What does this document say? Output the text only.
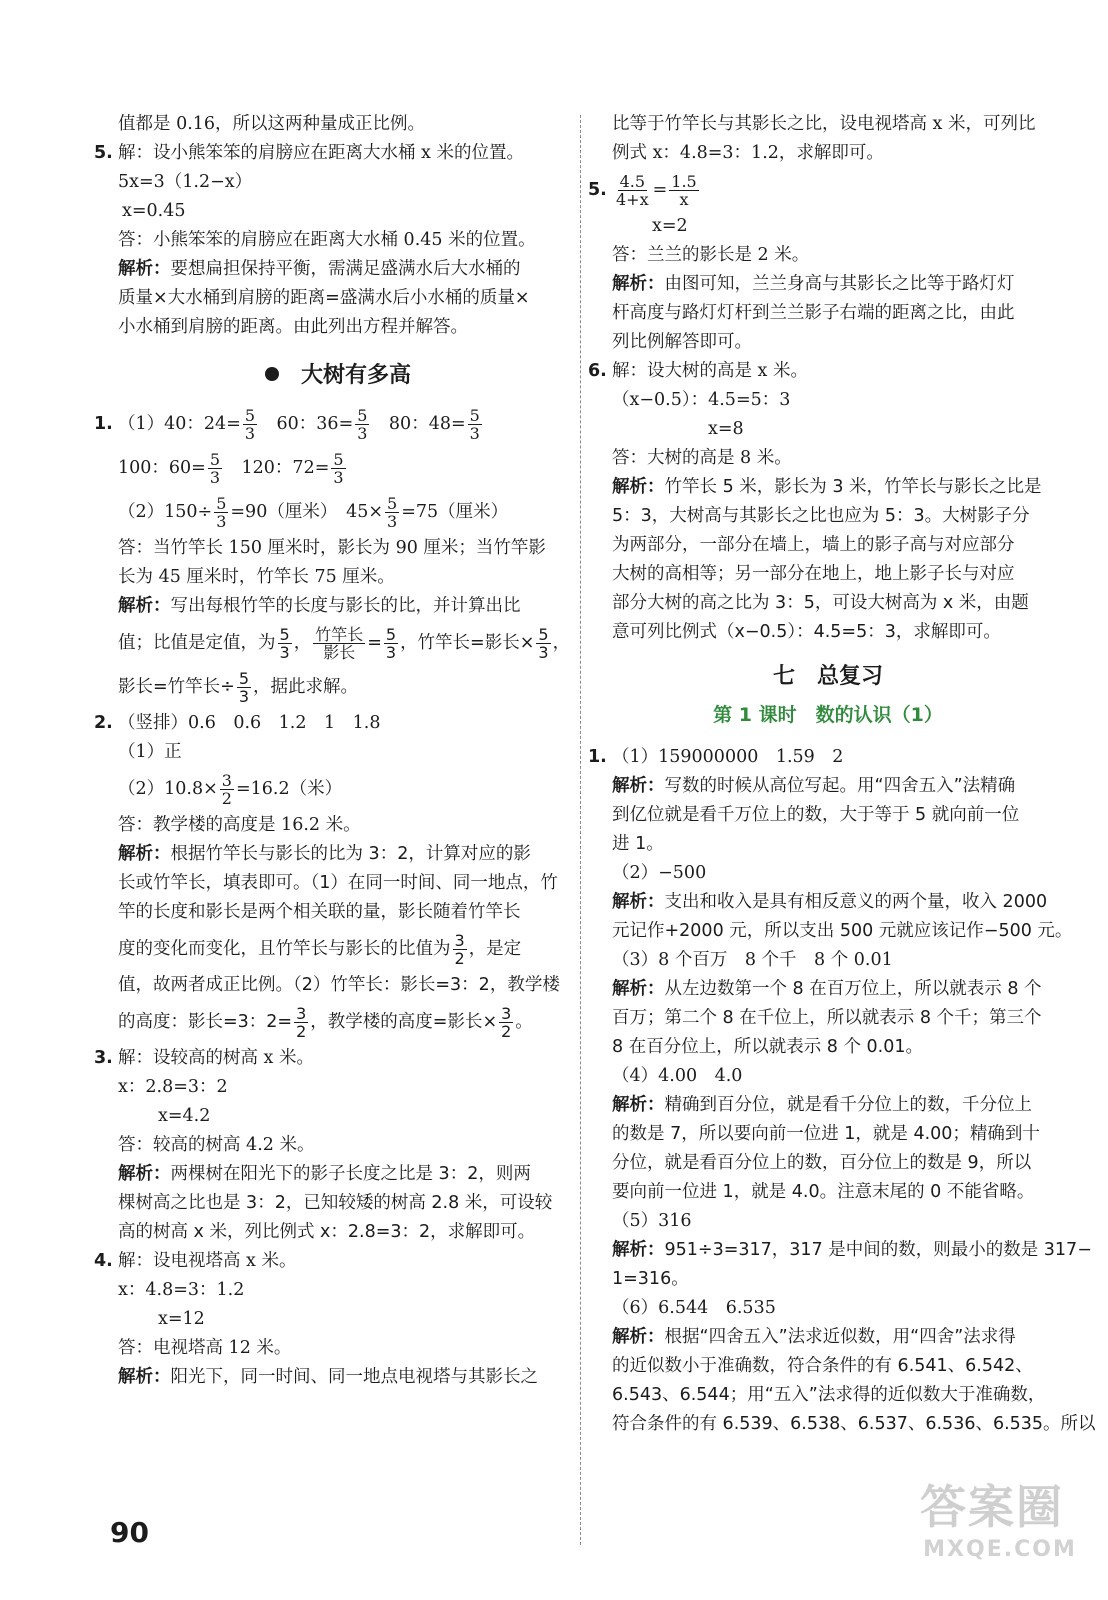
值都是 0.16，所以这两种量成正比例。
5. 解：设小熊笨笨的肩膀应在距离大水桶 x 米的位置。
5x=3（1.2−x）
x=0.45
答：小熊笨笨的肩膀应在距离大水桶 0.45 米的位置。
解析：要想扁担保持平衡，需满足盛满水后大水桶的
质量×大水桶到肩膀的距离=盛满水后小水桶的质量×
小水桶到肩膀的距离。由此列出方程并解答。
大树有多高
1. （1）40：$24= \frac{5}{3}$
　 60：$36= \frac{5}{3}$
　 80：$48= \frac{5}{3}$
100：$60= \frac{5}{3}$
　 120：$72= \frac{5}{3}$
$(2)150\div \frac{5}{3} =90$（厘米）　 $45\times \frac{5}{3} =75$（厘米）
答：当竹竿长 150 厘米时，影长为 90 厘米；当竹竿影
长为 45 厘米时，竹竿长 75 厘米。
解析：写出每根竹竿的长度与影长的比，并计算出比
值；比值是定值，为 $\frac{5}{3}$ ， $\frac{\text{竹竿长}}{\text{影长}} = \frac{5}{3}$ ，竹竿长=影长× $\frac{5}{3}$ ，
影长=竹竿长÷ $\frac{5}{3}$ ，据此求解。
2. （竖排）0.6　0.6　1.2　1　1.8
（1）正
$(2)10.8\times \frac{3}{2} =16.2$（米）
答：教学楼的高度是 16.2 米。
解析：根据竹竿长与影长的比为 3：2，计算对应的影
长或竹竿长，填表即可。（1）在同一时间、同一地点，竹
竿的长度和影长是两个相关联的量，影长随着竹竿长
度的变化而变化，且竹竿长与影长的比值为 $\frac{3}{2}$ ，是定
值，故两者成正比例。（2）竹竿长：影长=3：2，教学楼
的高度：影长=3：$2= \frac{3}{2}$ ，教学楼的高度=影长× $\frac{3}{2}$ 。
3. 解：设较高的树高 x 米。
x：2.8=3：2
x=4.2
答：较高的树高 4.2 米。
解析：两棵树在阳光下的影子长度之比是 3：2，则两
棵树高之比也是 3：2，已知较矮的树高 2.8 米，可设较
高的树高 x 米，列比例式 x：2.8=3：2，求解即可。
4. 解：设电视塔高 x 米。
x：4.8=3：1.2
x=12
答：电视塔高 12 米。
解析：阳光下，同一时间、同一地点电视塔与其影长之
比等于竹竿长与其影长之比，设电视塔高 x 米，可列比
例式 x：4.8=3：1.2，求解即可。
5. $\frac{4.5}{4+x} = \frac{1.5}{x}$
x=2
答：兰兰的影长是 2 米。
解析：由图可知，兰兰身高与其影长之比等于路灯灯
杆高度与路灯灯杆到兰兰影子右端的距离之比，由此
列比例解答即可。
6. 解：设大树的高是 x 米。
（x−0.5）：4.5=5：3
x=8
答：大树的高是 8 米。
解析：竹竿长 5 米，影长为 3 米，竹竿长与影长之比是
5：3，大树高与其影长之比也应为 5：3。大树影子分
为两部分，一部分在墙上，墙上的影子高与对应部分
大树的高相等；另一部分在地上，地上影子长与对应
部分大树的高之比为 3：5，可设大树高为 x 米，由题
意可列比例式（x−0.5）：4.5=5：3，求解即可。
七　总复习
第 1 课时　数的认识（1）
1. （1）159000000　1.59　2
解析：写数的时候从高位写起。用“四舍五入”法精确
到亿位就是看千万位上的数，大于等于 5 就向前一位
进 1。
（2）−500
解析：支出和收入是具有相反意义的两个量，收入 2000
元记作+2000 元，所以支出 500 元就应该记作−500 元。
（3）8 个百万　8 个千　8 个 0.01
解析：从左边数第一个 8 在百万位上，所以就表示 8 个
百万；第二个 8 在千位上，所以就表示 8 个千；第三个
8 在百分位上，所以就表示 8 个 0.01。
（4）4.00　4.0
解析：精确到百分位，就是看千分位上的数，千分位上
的数是 7，所以要向前一位进 1，就是 4.00；精确到十
分位，就是看百分位上的数，百分位上的数是 9，所以
要向前一位进 1，就是 4.0。注意末尾的 0 不能省略。
（5）316
解析：951÷3=317，317 是中间的数，则最小的数是 317−
1=316。
（6）6.544　6.535
解析：根据“四舍五入”法求近似数，用“四舍”法求得
的近似数小于准确数，符合条件的有 6.541、6.542、
6.543、6.544；用“五入”法求得的近似数大于准确数，
符合条件的有 6.539、6.538、6.537、6.536、6.535。所以
90	答案圈
MXQE.COM
